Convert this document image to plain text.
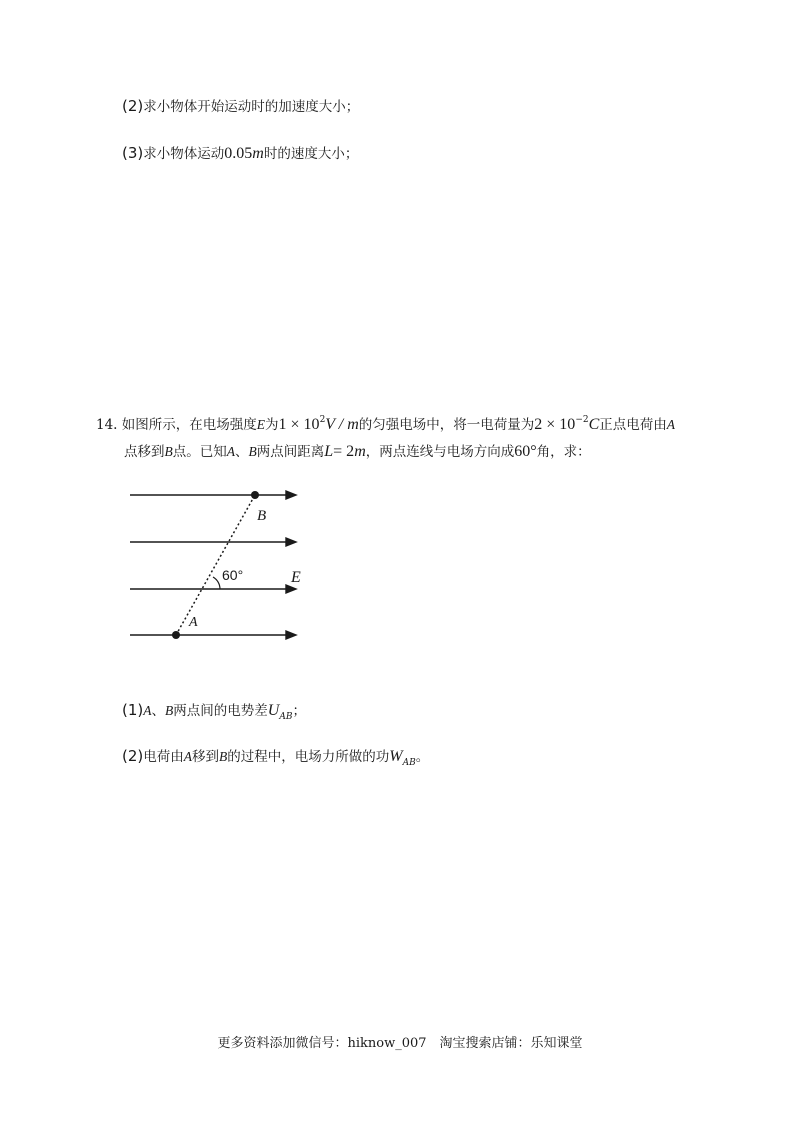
(2)求小物体开始运动时的加速度大小；
(3)求小物体运动0.05m时的速度大小；
14. 如图所示，在电场强度E为$1 \times 10^2V / m$的匀强电场中，将一电荷量为$2 \times 10^{-2}C$正点电荷由A
点移到B点。已知A、B两点间距离L= 2m，两点连线与电场方向成60°角，求：
B
A
E
60°
(1)A、B两点间的电势差$U_{AB}$；
(2)电荷由A移到B的过程中，电场力所做的功$W_{AB}$。
更多资料添加微信号：hiknow_007　淘宝搜索店铺：乐知课堂
